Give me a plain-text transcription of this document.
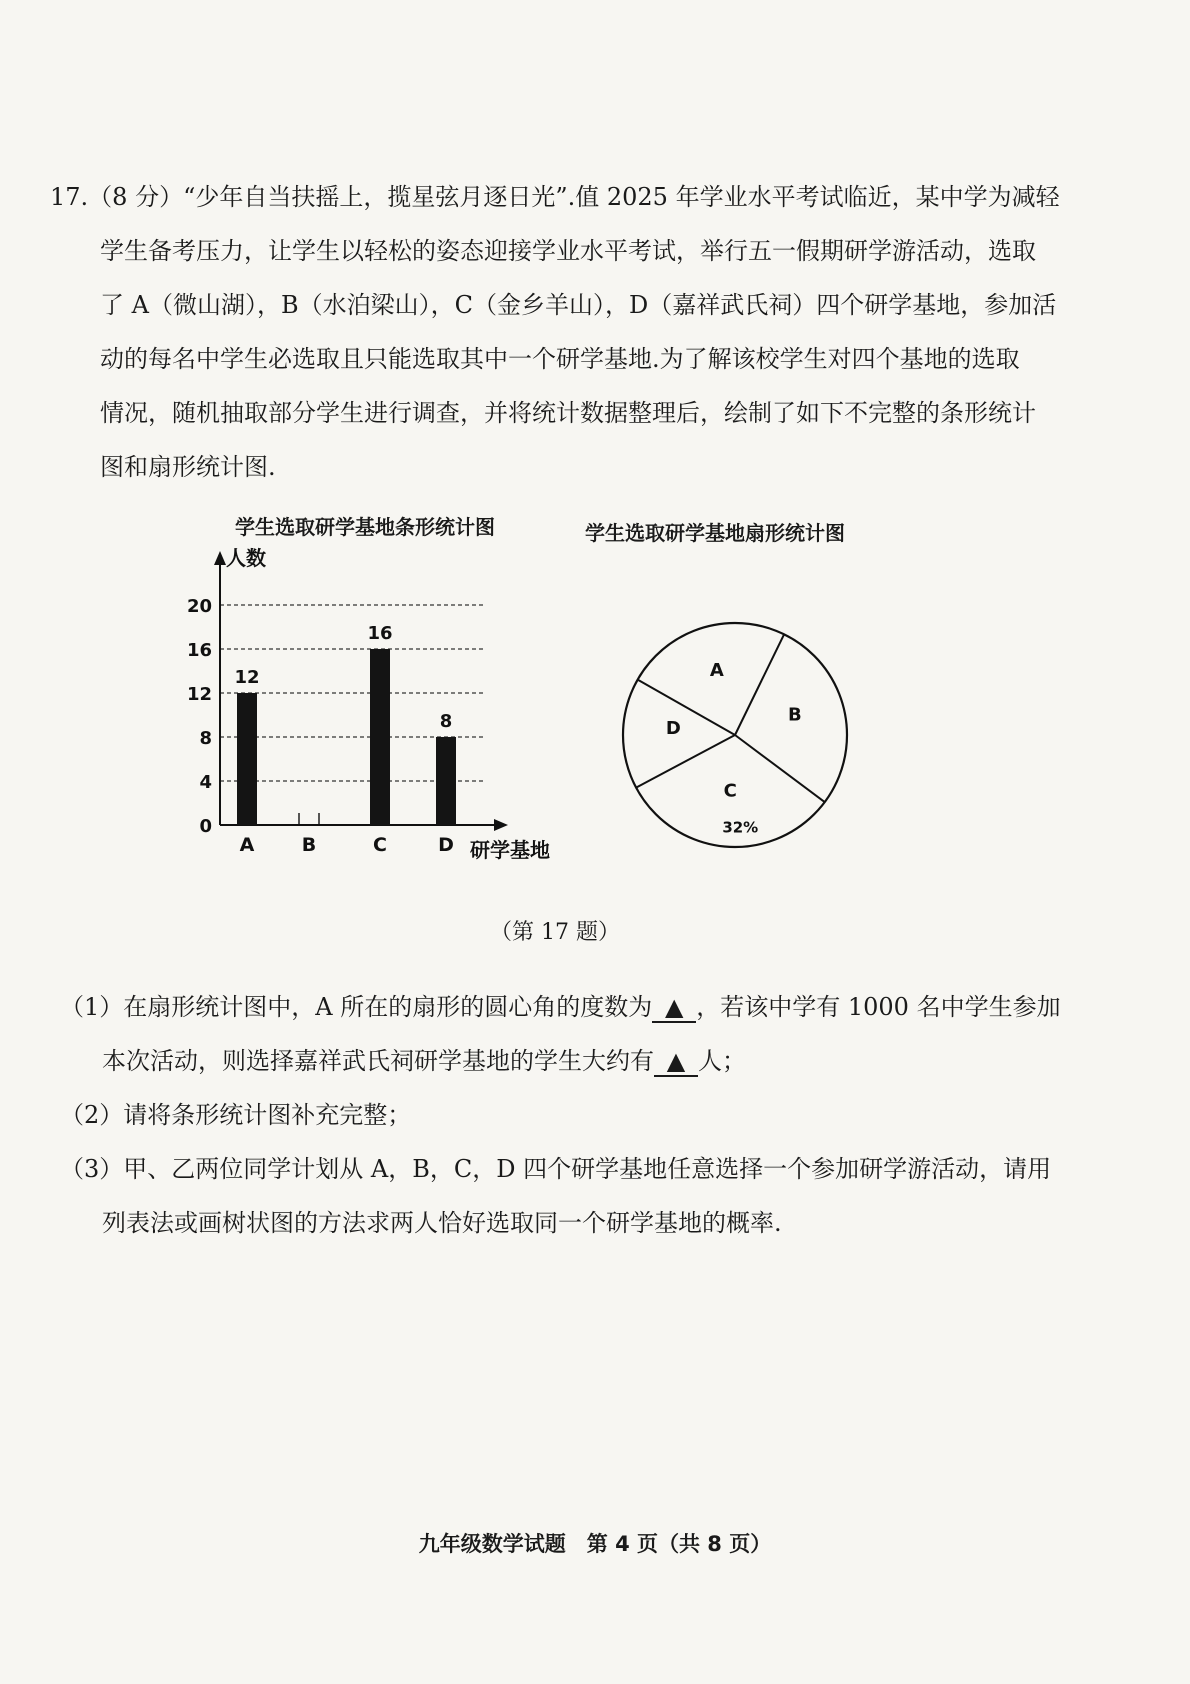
17.（8 分）“少年自当扶摇上，揽星弦月逐日光”.值 2025 年学业水平考试临近，某中学为减轻
学生备考压力，让学生以轻松的姿态迎接学业水平考试，举行五一假期研学游活动，选取
了 A（微山湖），B（水泊梁山），C（金乡羊山），D（嘉祥武氏祠）四个研学基地，参加活
动的每名中学生必选取且只能选取其中一个研学基地.为了解该校学生对四个基地的选取
情况，随机抽取部分学生进行调查，并将统计数据整理后，绘制了如下不完整的条形统计
图和扇形统计图.
学生选取研学基地条形统计图	学生选取研学基地扇形统计图
人数
研学基地
0
4
8
12
16
20
A
12
B	C
16
D
8	D
A
B
C
32%
（第 17 题）
（1）在扇形统计图中，A 所在的扇形的圆心角的度数为 ▲ ，若该中学有 1000 名中学生参加
本次活动，则选择嘉祥武氏祠研学基地的学生大约有 ▲ 人；
（2）请将条形统计图补充完整；
（3）甲、乙两位同学计划从 A，B，C，D 四个研学基地任意选择一个参加研学游活动，请用
列表法或画树状图的方法求两人恰好选取同一个研学基地的概率.
九年级数学试题　第 4 页（共 8 页）
